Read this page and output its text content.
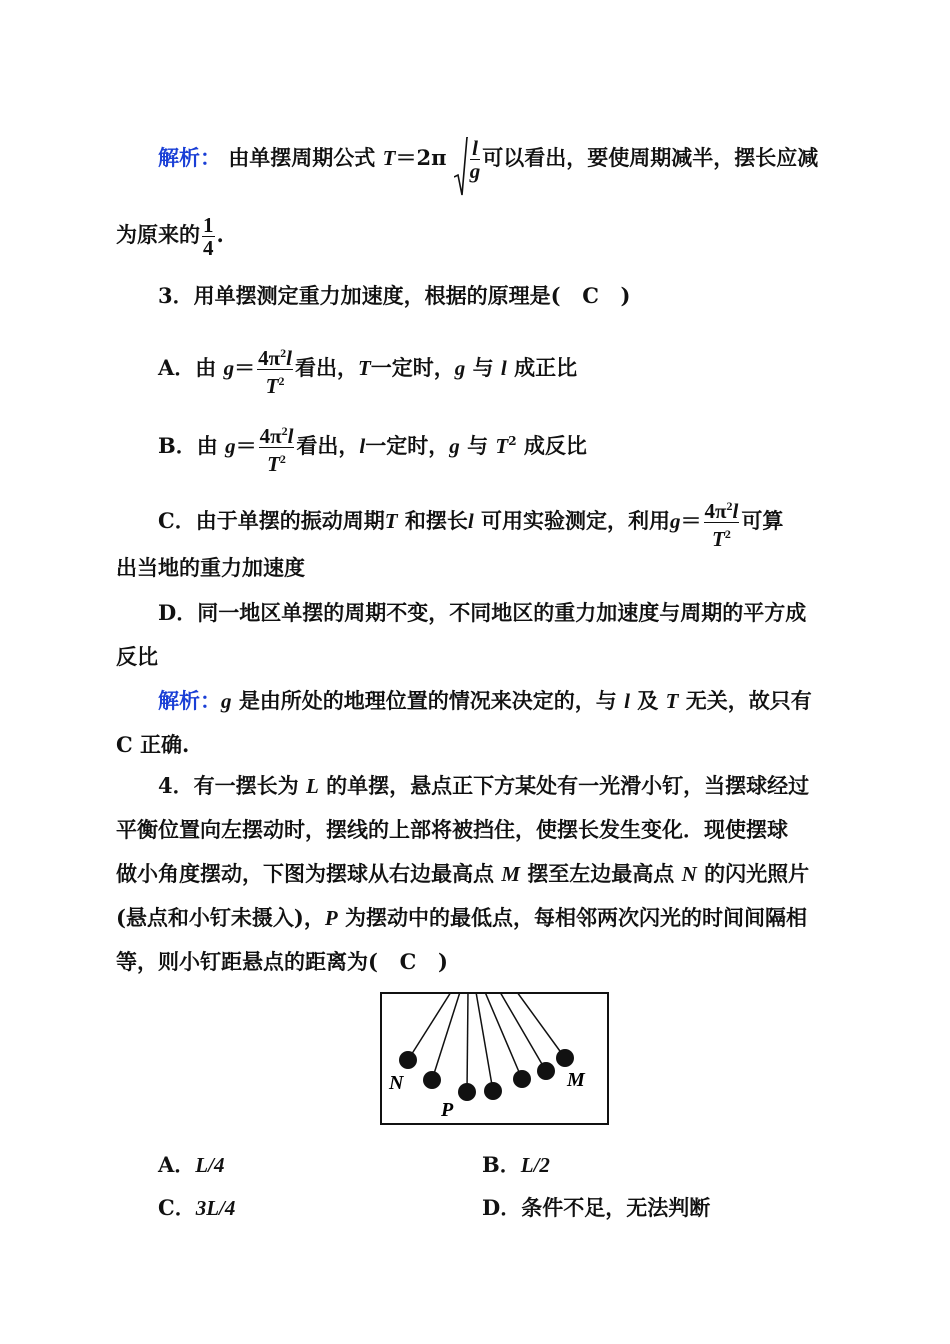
解析： 由单摆周期公式 $T=2\pi \frac{l}{g}$ 可以看出，要使周期减半，摆长应减
为原来的 $\frac{1}{4}$ .
3．用单摆测定重力加速度，根据的原理是( C )
A．由 $g= \frac{4\pi^2l}{T^2}$ 看出，T一定时，g 与 l 成正比
B．由 $g= \frac{4\pi^2l}{T^2}$ 看出，l一定时，g 与 $T^2$ 成反比
C．由于单摆的振动周期T 和摆长l 可用实验测定，利用$g= \frac{4\pi^2l}{T^2}$ 可算
出当地的重力加速度
D．同一地区单摆的周期不变，不同地区的重力加速度与周期的平方成
反比
解析：g 是由所处的地理位置的情况来决定的，与 l 及 T 无关，故只有
C 正确.
4．有一摆长为 L 的单摆，悬点正下方某处有一光滑小钉，当摆球经过
平衡位置向左摆动时，摆线的上部将被挡住，使摆长发生变化．现使摆球
做小角度摆动，下图为摆球从右边最高点 M 摆至左边最高点 N 的闪光照片
(悬点和小钉未摄入)，P 为摆动中的最低点，每相邻两次闪光的时间间隔相
等，则小钉距悬点的距离为( C )
N
P
M
A．L/4	B．L/2
C．3L/4	D．条件不足，无法判断
